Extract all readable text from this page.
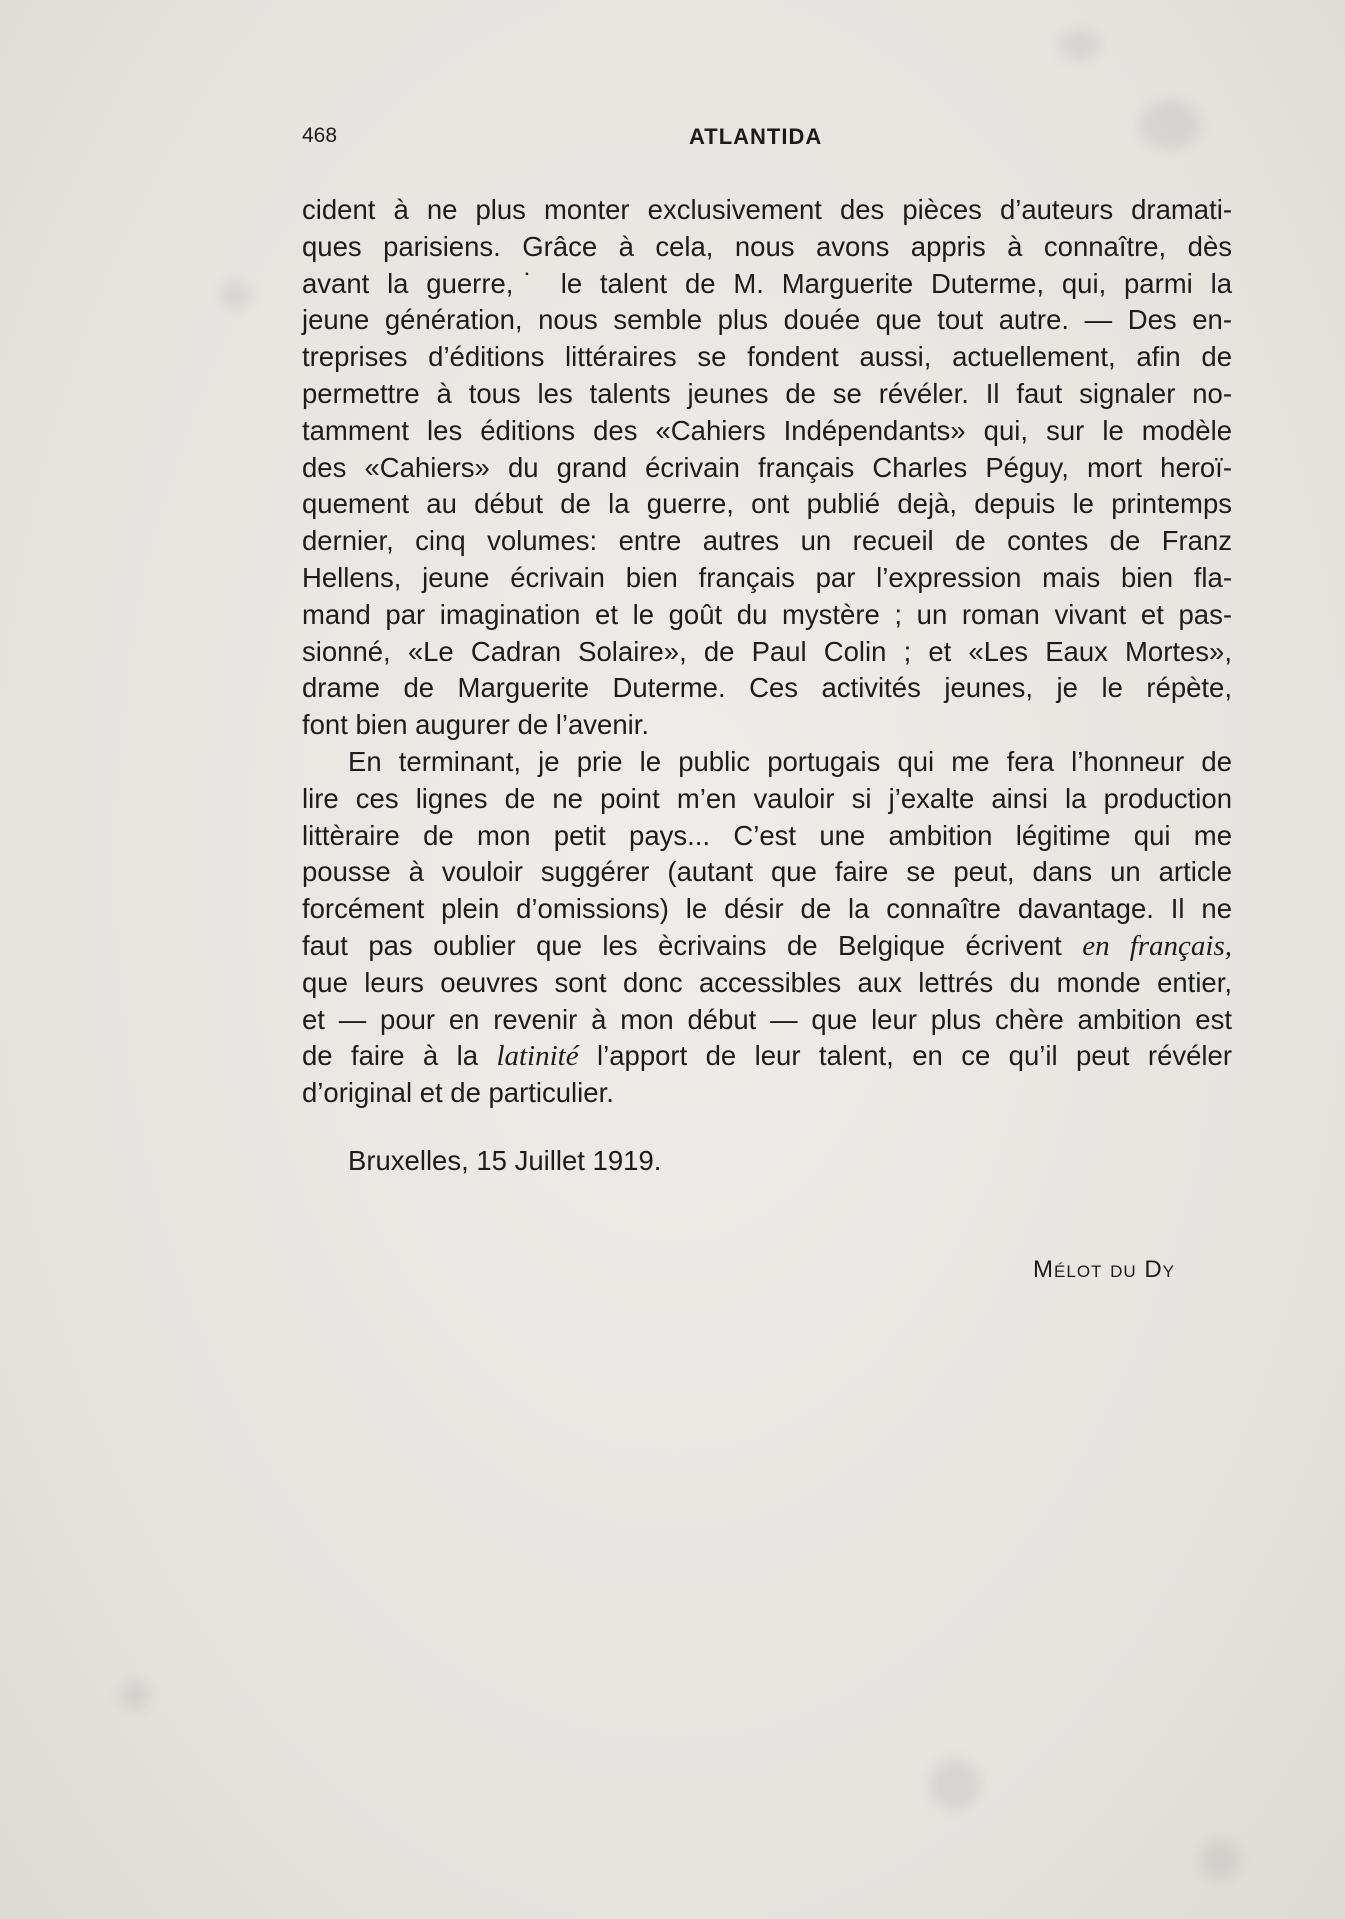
468	ATLANTIDA
cident à ne plus monter exclusivement des pièces d’auteurs dramati-
ques parisiens. Grâce à cela, nous avons appris à connaître, dès
avant la guerre,˙ le talent de M. Marguerite Duterme, qui, parmi la
jeune génération, nous semble plus douée que tout autre. — Des en-
treprises d’éditions littéraires se fondent aussi, actuellement, afin de
permettre à tous les talents jeunes de se révéler. Il faut signaler no-
tamment les éditions des «Cahiers Indépendants» qui, sur le modèle
des «Cahiers» du grand écrivain français Charles Péguy, mort heroï-
quement au début de la guerre, ont publié dejà, depuis le printemps
dernier, cinq volumes: entre autres un recueil de contes de Franz
Hellens, jeune écrivain bien français par l’expression mais bien fla-
mand par imagination et le goût du mystère ; un roman vivant et pas-
sionné, «Le Cadran Solaire», de Paul Colin ; et «Les Eaux Mortes»,
drame de Marguerite Duterme. Ces activités jeunes, je le répète,
font bien augurer de l’avenir.
En terminant, je prie le public portugais qui me fera l’honneur de
lire ces lignes de ne point m’en vauloir si j’exalte ainsi la production
littèraire de mon petit pays... C’est une ambition légitime qui me
pousse à vouloir suggérer (autant que faire se peut, dans un article
forcément plein d’omissions) le désir de la connaître davantage. Il ne
faut pas oublier que les ècrivains de Belgique écrivent en français,
que leurs oeuvres sont donc accessibles aux lettrés du monde entier,
et — pour en revenir à mon début — que leur plus chère ambition est
de faire à la latinité l’apport de leur talent, en ce qu’il peut révéler
d’original et de particulier.
Bruxelles, 15 Juillet 1919.
Mélot du Dy
